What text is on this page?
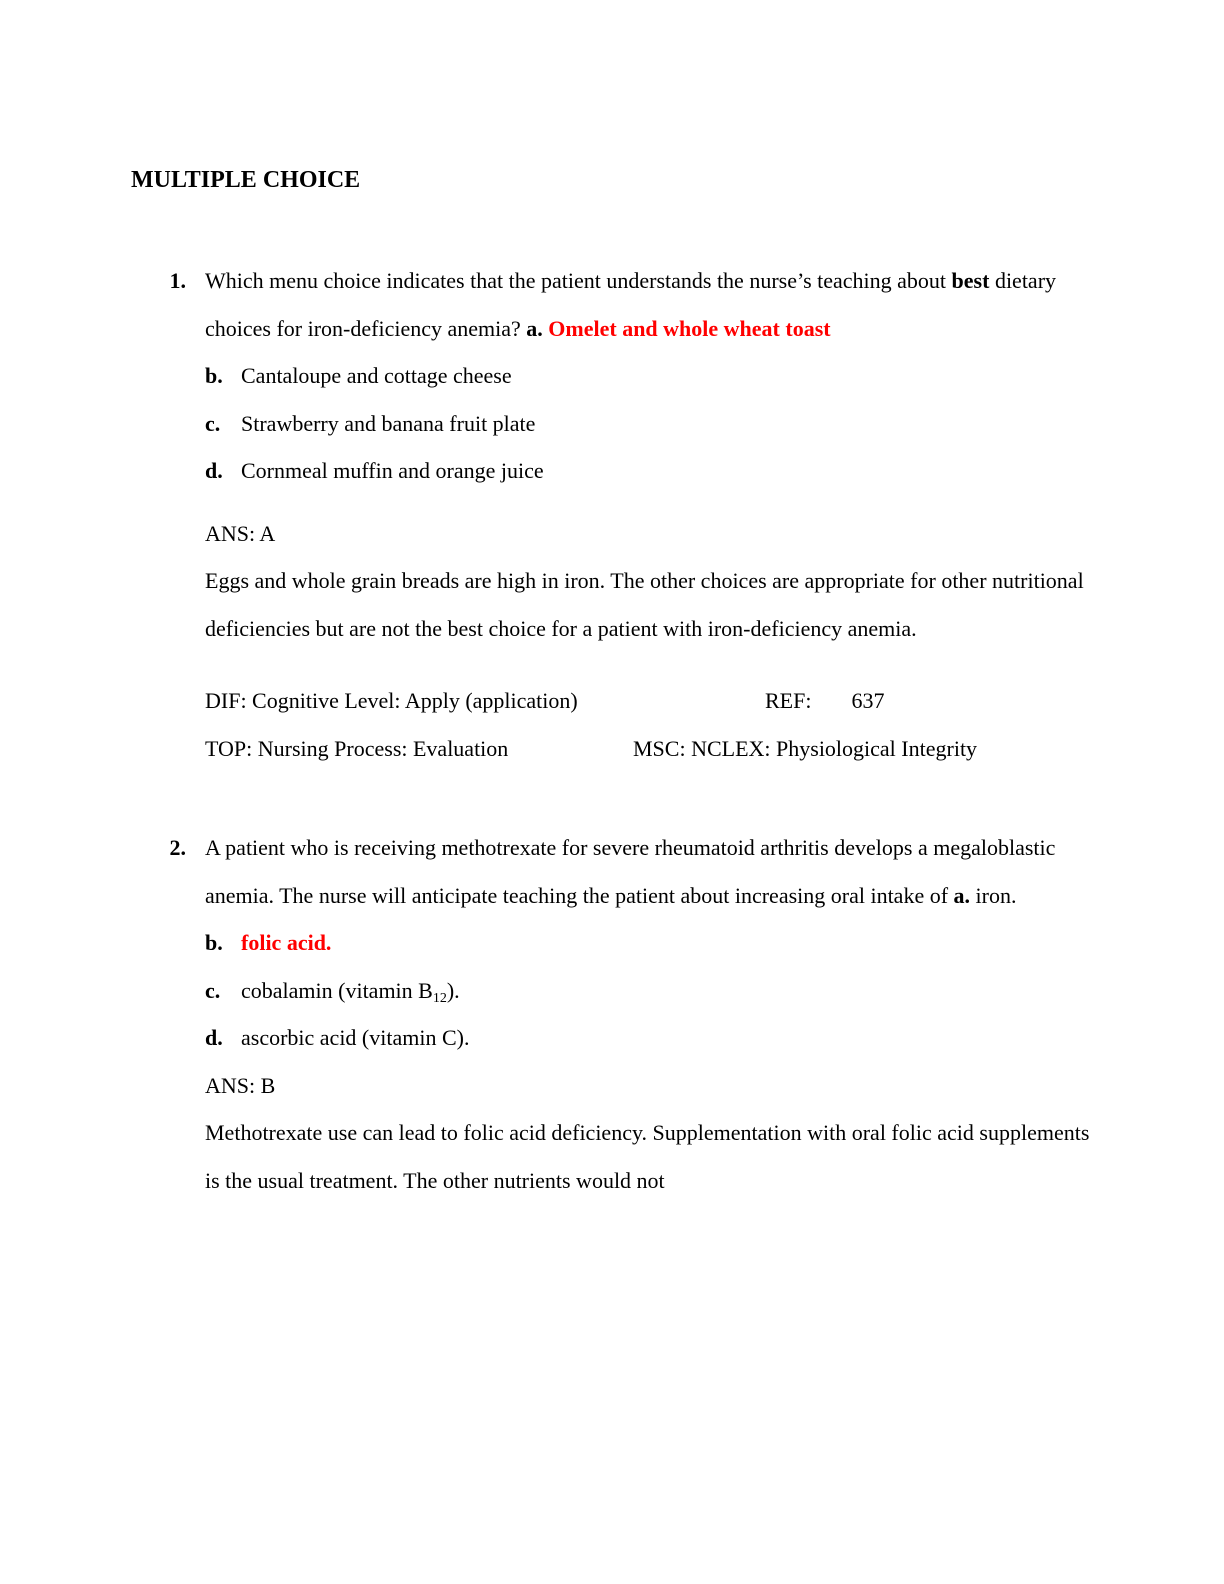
MULTIPLE CHOICE
1. Which menu choice indicates that the patient understands the nurse’s teaching about best dietary choices for iron-deficiency anemia? a. Omelet and whole wheat toast

b. Cantaloupe and cottage cheese
c. Strawberry and banana fruit plate
d. Cornmeal muffin and orange juice
ANS: A

Eggs and whole grain breads are high in iron. The other choices are appropriate for other nutritional deficiencies but are not the best choice for a patient with iron-deficiency anemia.

DIF: Cognitive Level: Apply (application)	REF: 637
TOP: Nursing Process: Evaluation	MSC: NCLEX: Physiological Integrity
2. A patient who is receiving methotrexate for severe rheumatoid arthritis develops a megaloblastic anemia. The nurse will anticipate teaching the patient about increasing oral intake of a. iron.

b. folic acid.
c. cobalamin (vitamin $B_{12}$).
d. ascorbic acid (vitamin C).
ANS: B

Methotrexate use can lead to folic acid deficiency. Supplementation with oral folic acid supplements is the usual treatment. The other nutrients would not
